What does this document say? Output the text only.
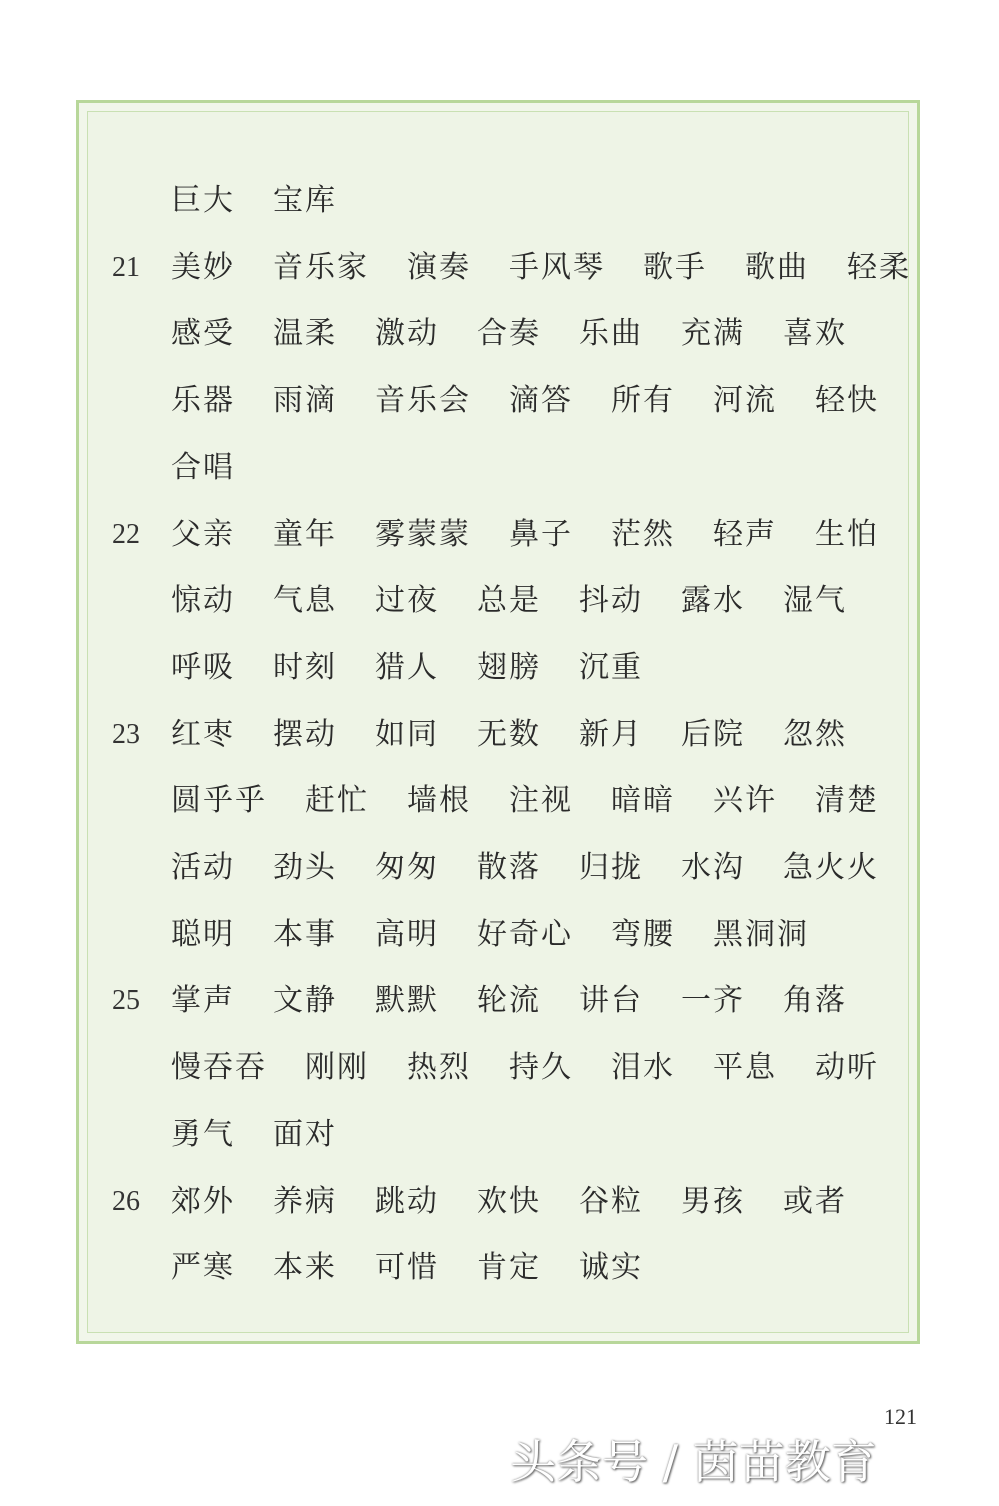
巨大 宝库
21	美妙 音乐家 演奏 手风琴 歌手 歌曲 轻柔
感受 温柔 激动 合奏 乐曲 充满 喜欢
乐器 雨滴 音乐会 滴答 所有 河流 轻快
合唱
22	父亲 童年 雾蒙蒙 鼻子 茫然 轻声 生怕
惊动 气息 过夜 总是 抖动 露水 湿气
呼吸 时刻 猎人 翅膀 沉重
23	红枣 摆动 如同 无数 新月 后院 忽然
圆乎乎 赶忙 墙根 注视 暗暗 兴许 清楚
活动 劲头 匆匆 散落 归拢 水沟 急火火
聪明 本事 高明 好奇心 弯腰 黑洞洞
25	掌声 文静 默默 轮流 讲台 一齐 角落
慢吞吞 刚刚 热烈 持久 泪水 平息 动听
勇气 面对
26	郊外 养病 跳动 欢快 谷粒 男孩 或者
严寒 本来 可惜 肯定 诚实
121
头条号 / 茵苗教育
